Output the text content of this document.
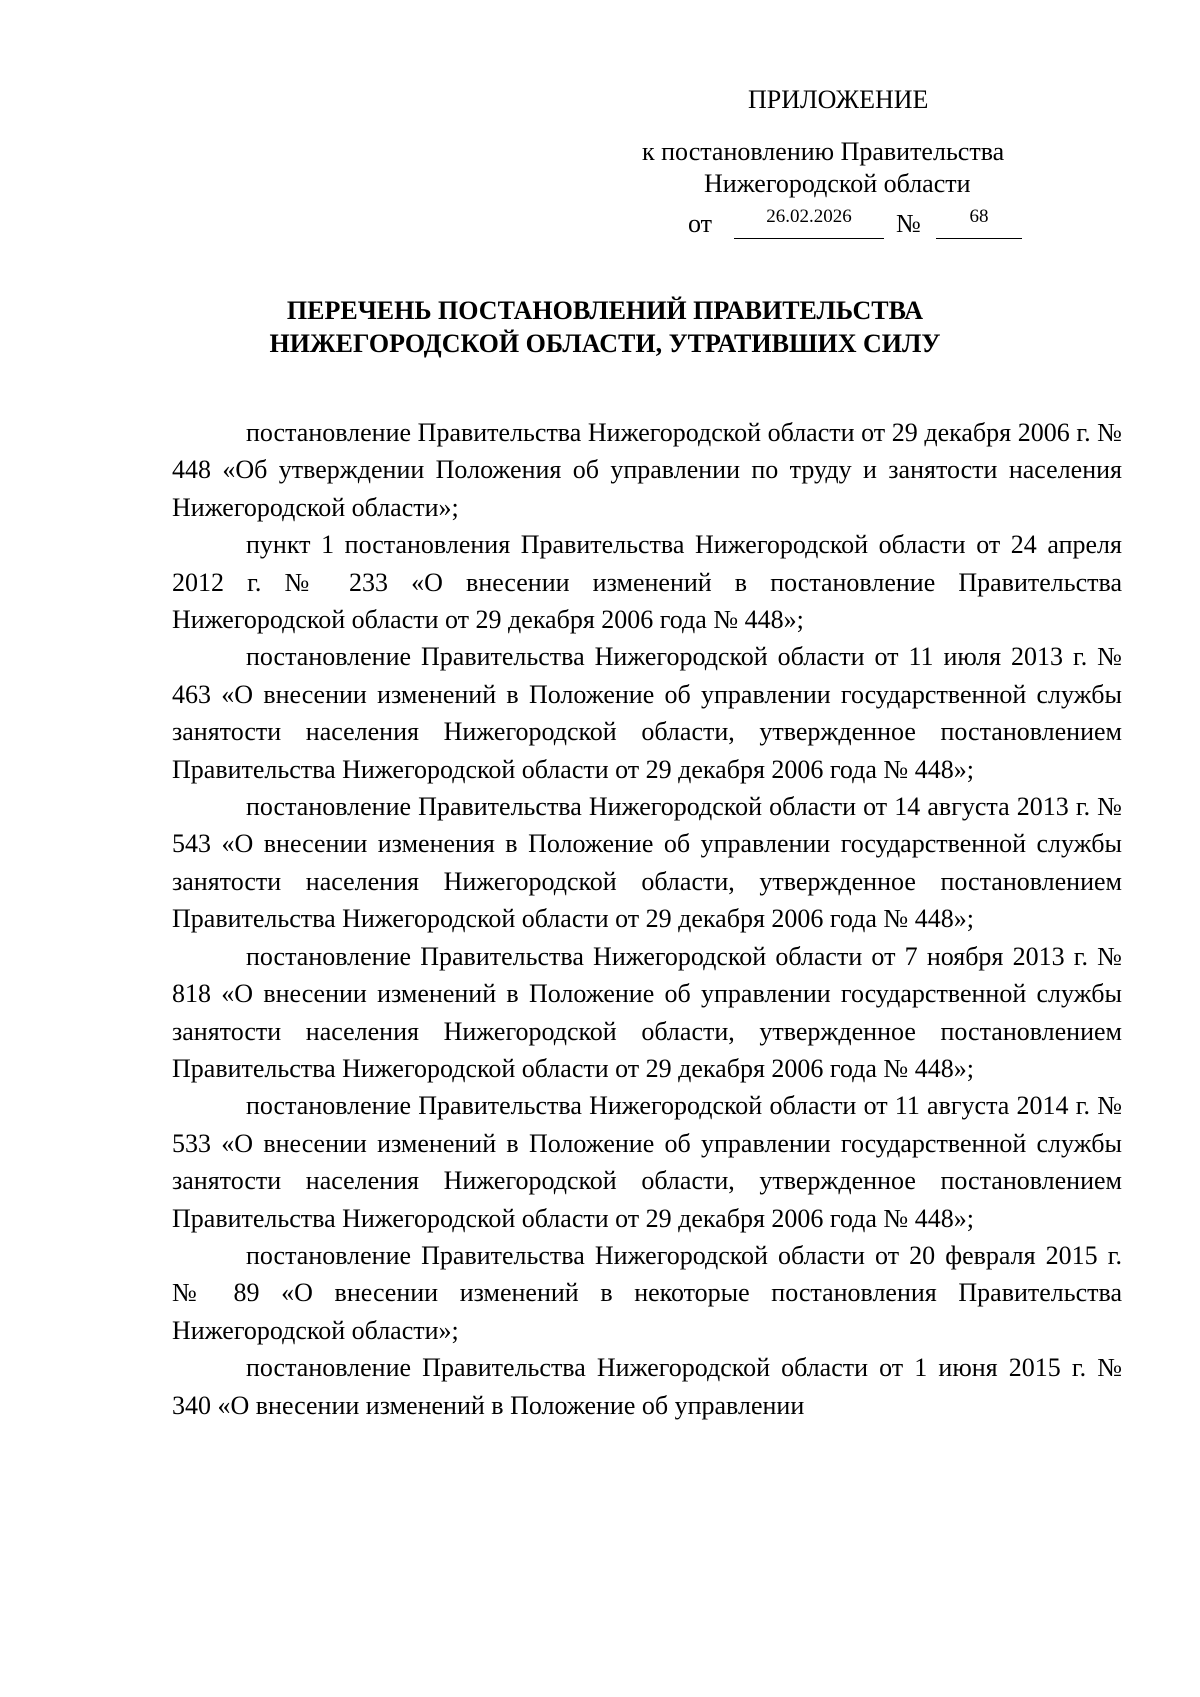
ПРИЛОЖЕНИЕ
к постановлению Правительства
Нижегородской области
от	26.02.2026	№	68
ПЕРЕЧЕНЬ ПОСТАНОВЛЕНИЙ ПРАВИТЕЛЬСТВА
НИЖЕГОРОДСКОЙ ОБЛАСТИ, УТРАТИВШИХ СИЛУ

постановление Правительства Нижегородской области от 29 декабря 2006 г. № 448 «Об утверждении Положения об управлении по труду и занятости населения Нижегородской области»;

пункт 1 постановления Правительства Нижегородской области от 24 апреля 2012 г. № 233 «О внесении изменений в постановление Правительства Нижегородской области от 29 декабря 2006 года № 448»;

постановление Правительства Нижегородской области от 11 июля 2013 г. № 463 «О внесении изменений в Положение об управлении государственной службы занятости населения Нижегородской области, утвержденное постановлением Правительства Нижегородской области от 29 декабря 2006 года № 448»;

постановление Правительства Нижегородской области от 14 августа 2013 г. № 543 «О внесении изменения в Положение об управлении государственной службы занятости населения Нижегородской области, утвержденное постановлением Правительства Нижегородской области от 29 декабря 2006 года № 448»;

постановление Правительства Нижегородской области от 7 ноября 2013 г. № 818 «О внесении изменений в Положение об управлении государственной службы занятости населения Нижегородской области, утвержденное постановлением Правительства Нижегородской области от 29 декабря 2006 года № 448»;

постановление Правительства Нижегородской области от 11 августа 2014 г. № 533 «О внесении изменений в Положение об управлении государственной службы занятости населения Нижегородской области, утвержденное постановлением Правительства Нижегородской области от 29 декабря 2006 года № 448»;

постановление Правительства Нижегородской области от 20 февраля 2015 г. № 89 «О внесении изменений в некоторые постановления Правительства Нижегородской области»;

постановление Правительства Нижегородской области от 1 июня 2015 г. № 340 «О внесении изменений в Положение об управлении
